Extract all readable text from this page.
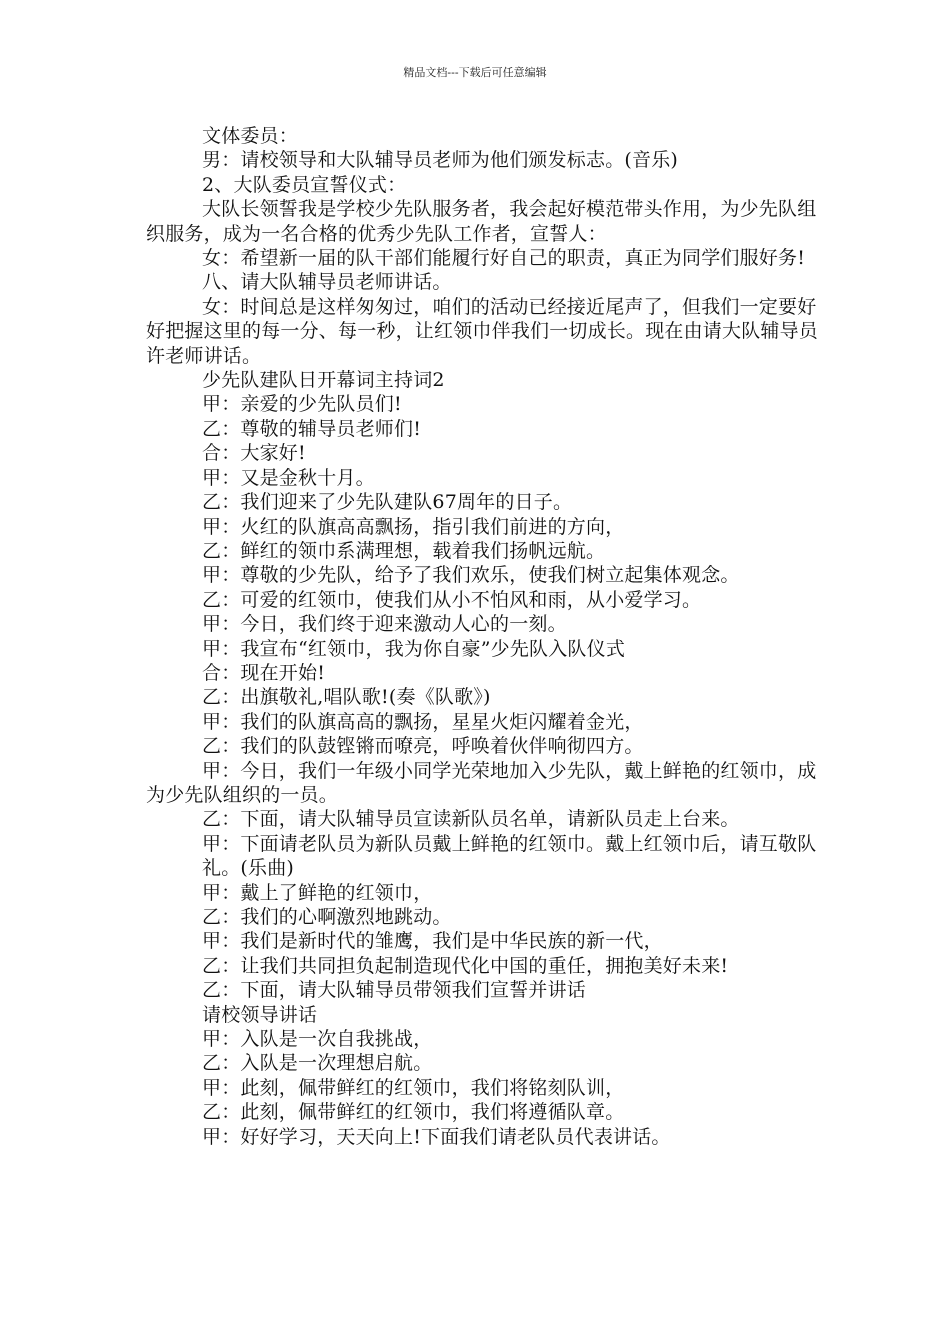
精品文档---下载后可任意编辑

文体委员：

男：请校领导和大队辅导员老师为他们颁发标志。(音乐)

2、大队委员宣誓仪式：

大队长领誓我是学校少先队服务者，我会起好模范带头作用，为少先队组织服务，成为一名合格的优秀少先队工作者，宣誓人：

女：希望新一届的队干部们能履行好自己的职责，真正为同学们服好务!

八、请大队辅导员老师讲话。

女：时间总是这样匆匆过，咱们的活动已经接近尾声了，但我们一定要好好把握这里的每一分、每一秒，让红领巾伴我们一切成长。现在由请大队辅导员许老师讲话。

少先队建队日开幕词主持词2

甲：亲爱的少先队员们!

乙：尊敬的辅导员老师们!

合：大家好!

甲：又是金秋十月。

乙：我们迎来了少先队建队67周年的日子。

甲：火红的队旗高高飘扬，指引我们前进的方向，

乙：鲜红的领巾系满理想，载着我们扬帆远航。

甲：尊敬的少先队，给予了我们欢乐，使我们树立起集体观念。

乙：可爱的红领巾，使我们从小不怕风和雨，从小爱学习。

甲：今日，我们终于迎来激动人心的一刻。

甲：我宣布“红领巾，我为你自豪”少先队入队仪式

合：现在开始!

乙：出旗敬礼,唱队歌!(奏《队歌》)

甲：我们的队旗高高的飘扬，星星火炬闪耀着金光，

乙：我们的队鼓铿锵而嘹亮，呼唤着伙伴响彻四方。

甲：今日，我们一年级小同学光荣地加入少先队，戴上鲜艳的红领巾，成为少先队组织的一员。

乙：下面，请大队辅导员宣读新队员名单，请新队员走上台来。

甲：下面请老队员为新队员戴上鲜艳的红领巾。戴上红领巾后，请互敬队

礼。(乐曲)

甲：戴上了鲜艳的红领巾，

乙：我们的心啊激烈地跳动。

甲：我们是新时代的雏鹰，我们是中华民族的新一代，

乙：让我们共同担负起制造现代化中国的重任，拥抱美好未来!

乙：下面，请大队辅导员带领我们宣誓并讲话

请校领导讲话

甲：入队是一次自我挑战，

乙：入队是一次理想启航。

甲：此刻，佩带鲜红的红领巾，我们将铭刻队训，

乙：此刻，佩带鲜红的红领巾，我们将遵循队章。

甲：好好学习，天天向上!下面我们请老队员代表讲话。
